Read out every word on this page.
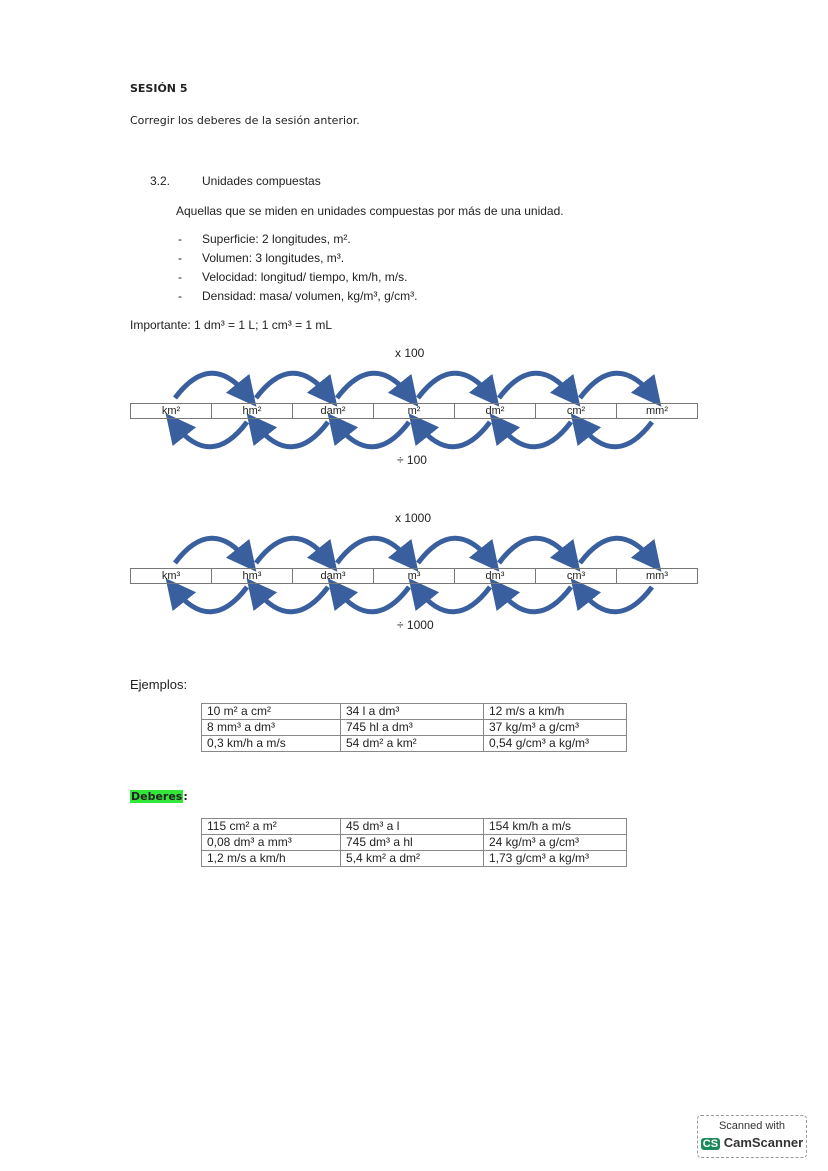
SESIÓN 5
Corregir los deberes de la sesión anterior.
3.2.	Unidades compuestas
Aquellas que se miden en unidades compuestas por más de una unidad.
- Superficie: 2 longitudes, m².
- Volumen: 3 longitudes, m³.
- Velocidad: longitud/ tiempo, km/h, m/s.
- Densidad: masa/ volumen, kg/m³, g/cm³.
Importante: 1 dm³ = 1 L; 1 cm³ = 1 mL
x 100
÷ 100
km²	hm²	dam²	m²	dm²	cm²	mm²
x 1000
÷ 1000
km³	hm³	dam³	m³	dm³	cm³	mm³
Ejemplos:
10 m² a cm²	34 l a dm³	12 m/s a km/h
8 mm³ a dm³	745 hl a dm³	37 kg/m³ a g/cm³
0,3 km/h a m/s	54 dm² a km²	0,54 g/cm³ a kg/m³
Deberes:
115 cm² a m²	45 dm³ a l	154 km/h a m/s
0,08 dm³ a mm³	745 dm³ a hl	24 kg/m³ a g/cm³
1,2 m/s a km/h	5,4 km² a dm²	1,73 g/cm³ a kg/m³
Scanned with
CS CamScanner
